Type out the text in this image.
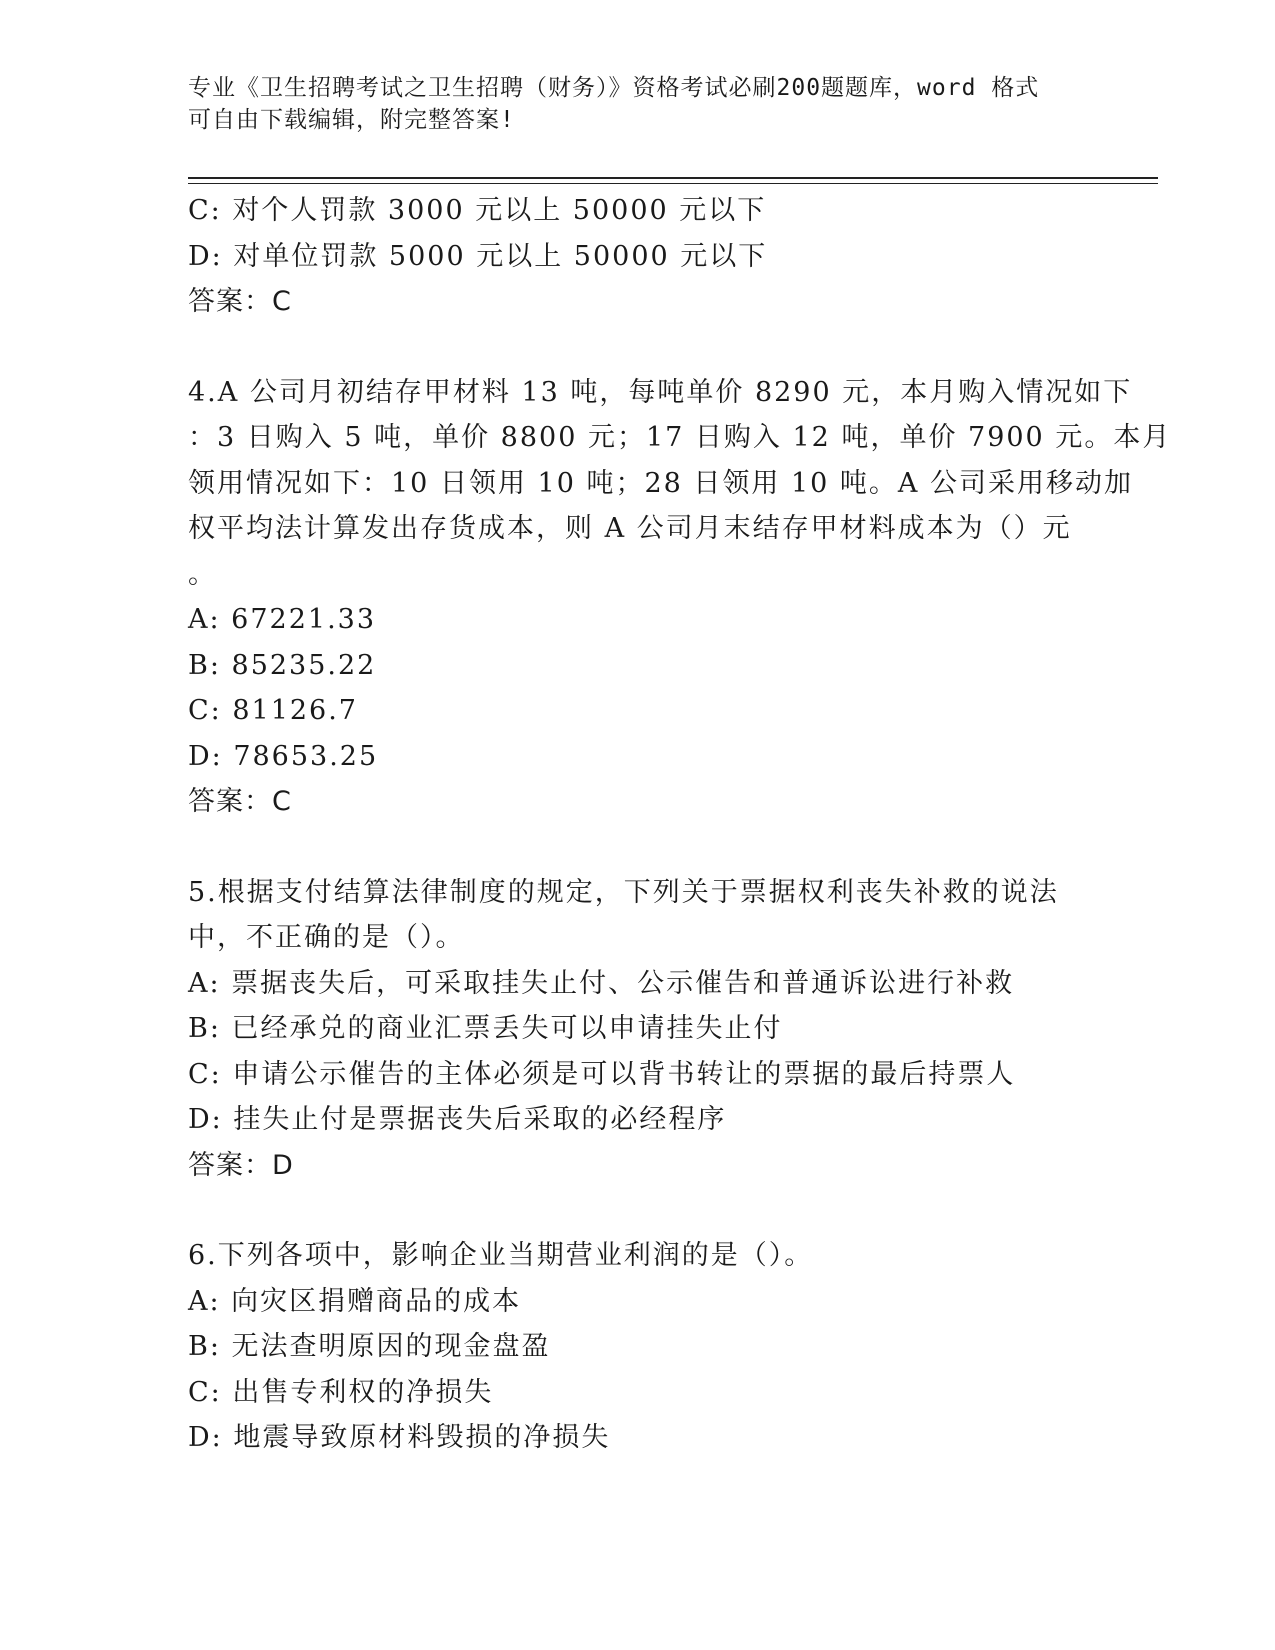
专业《卫生招聘考试之卫生招聘（财务）》资格考试必刷200题题库，word 格式
可自由下载编辑，附完整答案!
C: 对个人罚款 3000 元以上 50000 元以下
D: 对单位罚款 5000 元以上 50000 元以下
答案：C
4.A 公司月初结存甲材料 13 吨，每吨单价 8290 元，本月购入情况如下
：3 日购入 5 吨，单价 8800 元；17 日购入 12 吨，单价 7900 元。本月
领用情况如下：10 日领用 10 吨；28 日领用 10 吨。A 公司采用移动加
权平均法计算发出存货成本，则 A 公司月末结存甲材料成本为（）元
。
A: 67221.33
B: 85235.22
C: 81126.7
D: 78653.25
答案：C
5.根据支付结算法律制度的规定，下列关于票据权利丧失补救的说法
中，不正确的是（）。
A: 票据丧失后，可采取挂失止付、公示催告和普通诉讼进行补救
B: 已经承兑的商业汇票丢失可以申请挂失止付
C: 申请公示催告的主体必须是可以背书转让的票据的最后持票人
D: 挂失止付是票据丧失后采取的必经程序
答案：D
6.下列各项中，影响企业当期营业利润的是（）。
A: 向灾区捐赠商品的成本
B: 无法查明原因的现金盘盈
C: 出售专利权的净损失
D: 地震导致原材料毁损的净损失
